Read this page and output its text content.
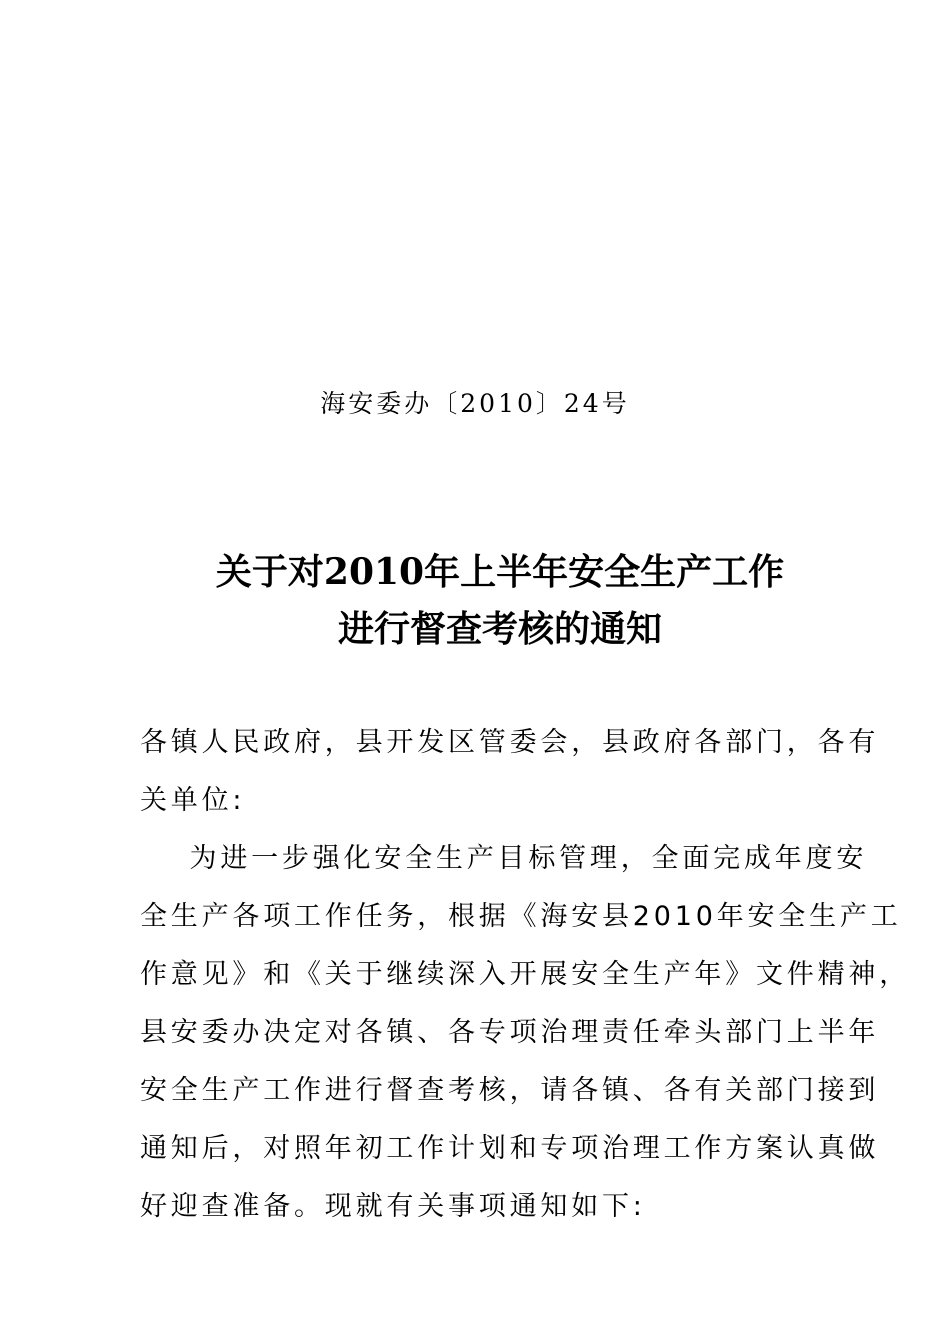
海安委办〔2010〕24号
关于对2010年上半年安全生产工作
进行督查考核的通知
各镇人民政府，县开发区管委会，县政府各部门，各有
关单位:
为进一步强化安全生产目标管理，全面完成年度安
全生产各项工作任务，根据《海安县2010年安全生产工
作意见》和《关于继续深入开展安全生产年》文件精神，
县安委办决定对各镇、各专项治理责任牵头部门上半年
安全生产工作进行督查考核，请各镇、各有关部门接到
通知后，对照年初工作计划和专项治理工作方案认真做
好迎查准备。现就有关事项通知如下:
